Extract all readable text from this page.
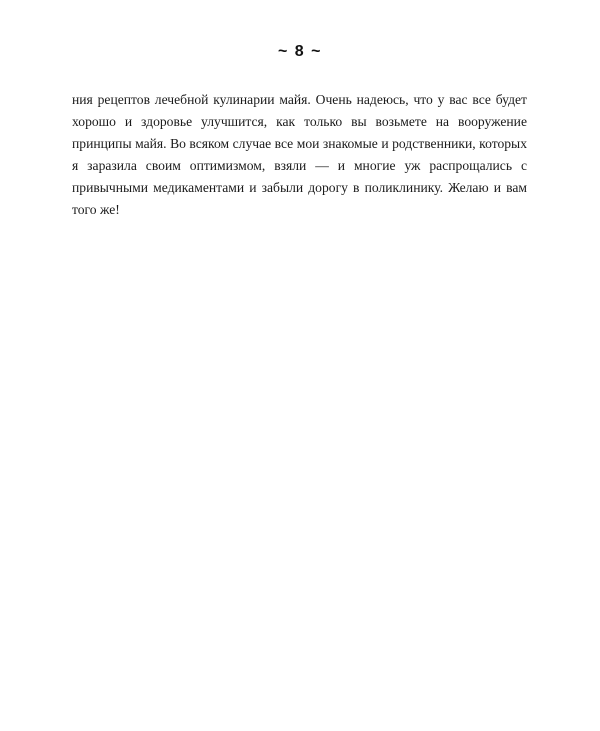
~ 8 ~

ния рецептов лечебной кулинарии майя. Очень надеюсь, что у вас все будет хорошо и здоровье улучшится, как только вы возьмете на вооружение принципы майя. Во всяком случае все мои знакомые и родственники, которых я заразила своим оптимизмом, взяли — и многие уж распрощались с привычными медикаментами и забыли дорогу в поликлинику. Желаю и вам того же!
